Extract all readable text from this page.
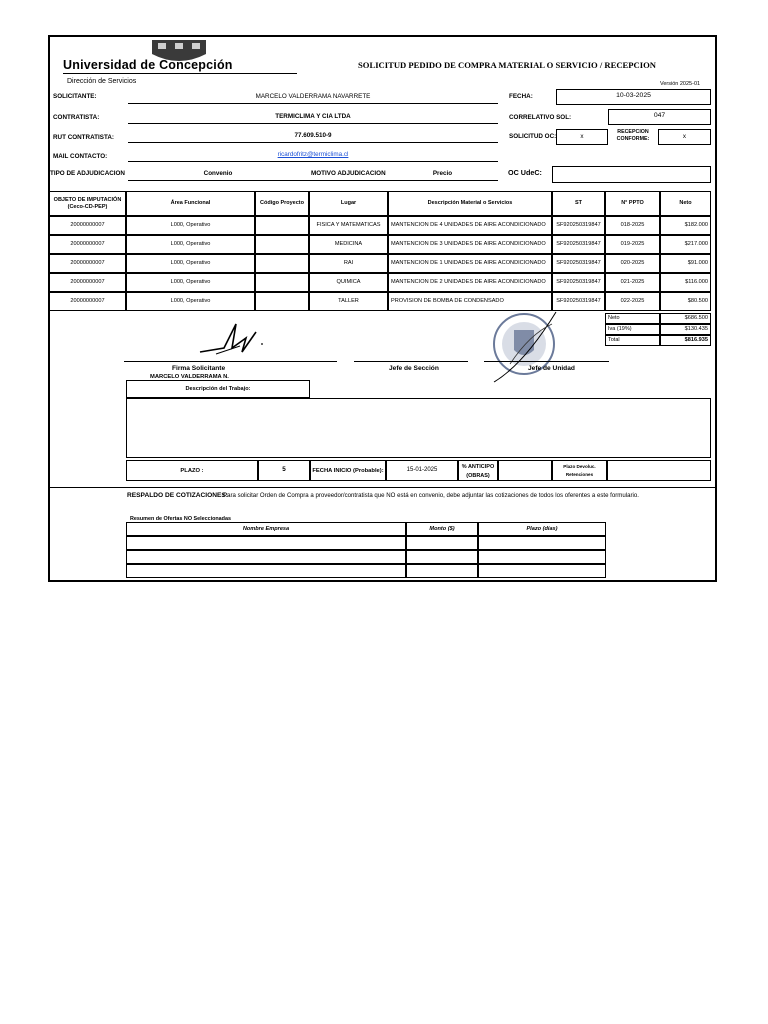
Universidad de Concepción	SOLICITUD PEDIDO DE COMPRA MATERIAL O SERVICIO / RECEPCION
Dirección de Servicios	Versión 2025-01
SOLICITANTE:	MARCELO VALDERRAMA NAVARRETE	FECHA:	10-03-2025
CONTRATISTA:	TERMICLIMA Y CIA LTDA	CORRELATIVO SOL:	047
RUT CONTRATISTA:	77.609.510-9	SOLICITUD OC:	x
RECEPCION CONFORME:	x
MAIL CONTACTO:	ricardofritz@termiclima.cl
TIPO DE ADJUDICACION	Convenio	MOTIVO ADJUDICACION	Precio	OC UdeC:
OBJETO DE IMPUTACIÓN (Ceco-CD-PEP)
Área Funcional	Código Proyecto	Lugar	Descripción Material o Servicios	ST	N° PPTO	Neto
20000000007	L000, Operativo	FISICA Y MATEMATICAS	MANTENCION DE 4 UNIDADES DE AIRE ACONDICIONADO	SF920250319847	018-2025	$182.000
20000000007	L000, Operativo	MEDICINA	MANTENCION DE 3 UNIDADES DE AIRE ACONDICIONADO	SF920250319847	019-2025	$217.000
20000000007	L000, Operativo	RAI	MANTENCION DE 1 UNIDADES DE AIRE ACONDICIONADO	SF920250319847	020-2025	$91.000
20000000007	L000, Operativo	QUIMICA	MANTENCION DE 2 UNIDADES DE AIRE ACONDICIONADO	SF920250319847	021-2025	$116.000
20000000007	L000, Operativo	TALLER	PROVISION DE BOMBA DE CONDENSADO	SF920250319847	022-2025	$80.500
Neto	$686.500
Iva (19%)	$130.435
Total	$816.935
Firma Solicitante
MARCELO VALDERRAMA N.
Jefe de Sección	Jefe de Unidad
Descripción del Trabajo:
PLAZO :	5	FECHA INICIO (Probable):	15-01-2025	% ANTICIPO
(OBRAS)
Plazo Devoluc.
Retenciones
RESPALDO DE COTIZACIONES:
Para solicitar Orden de Compra a proveedor/contratista que NO está en convenio, debe adjuntar las cotizaciones de todos los oferentes a este formulario.
Resumen de Ofertas NO Seleccionadas
Nombre Empresa	Monto ($)	Plazo (días)
